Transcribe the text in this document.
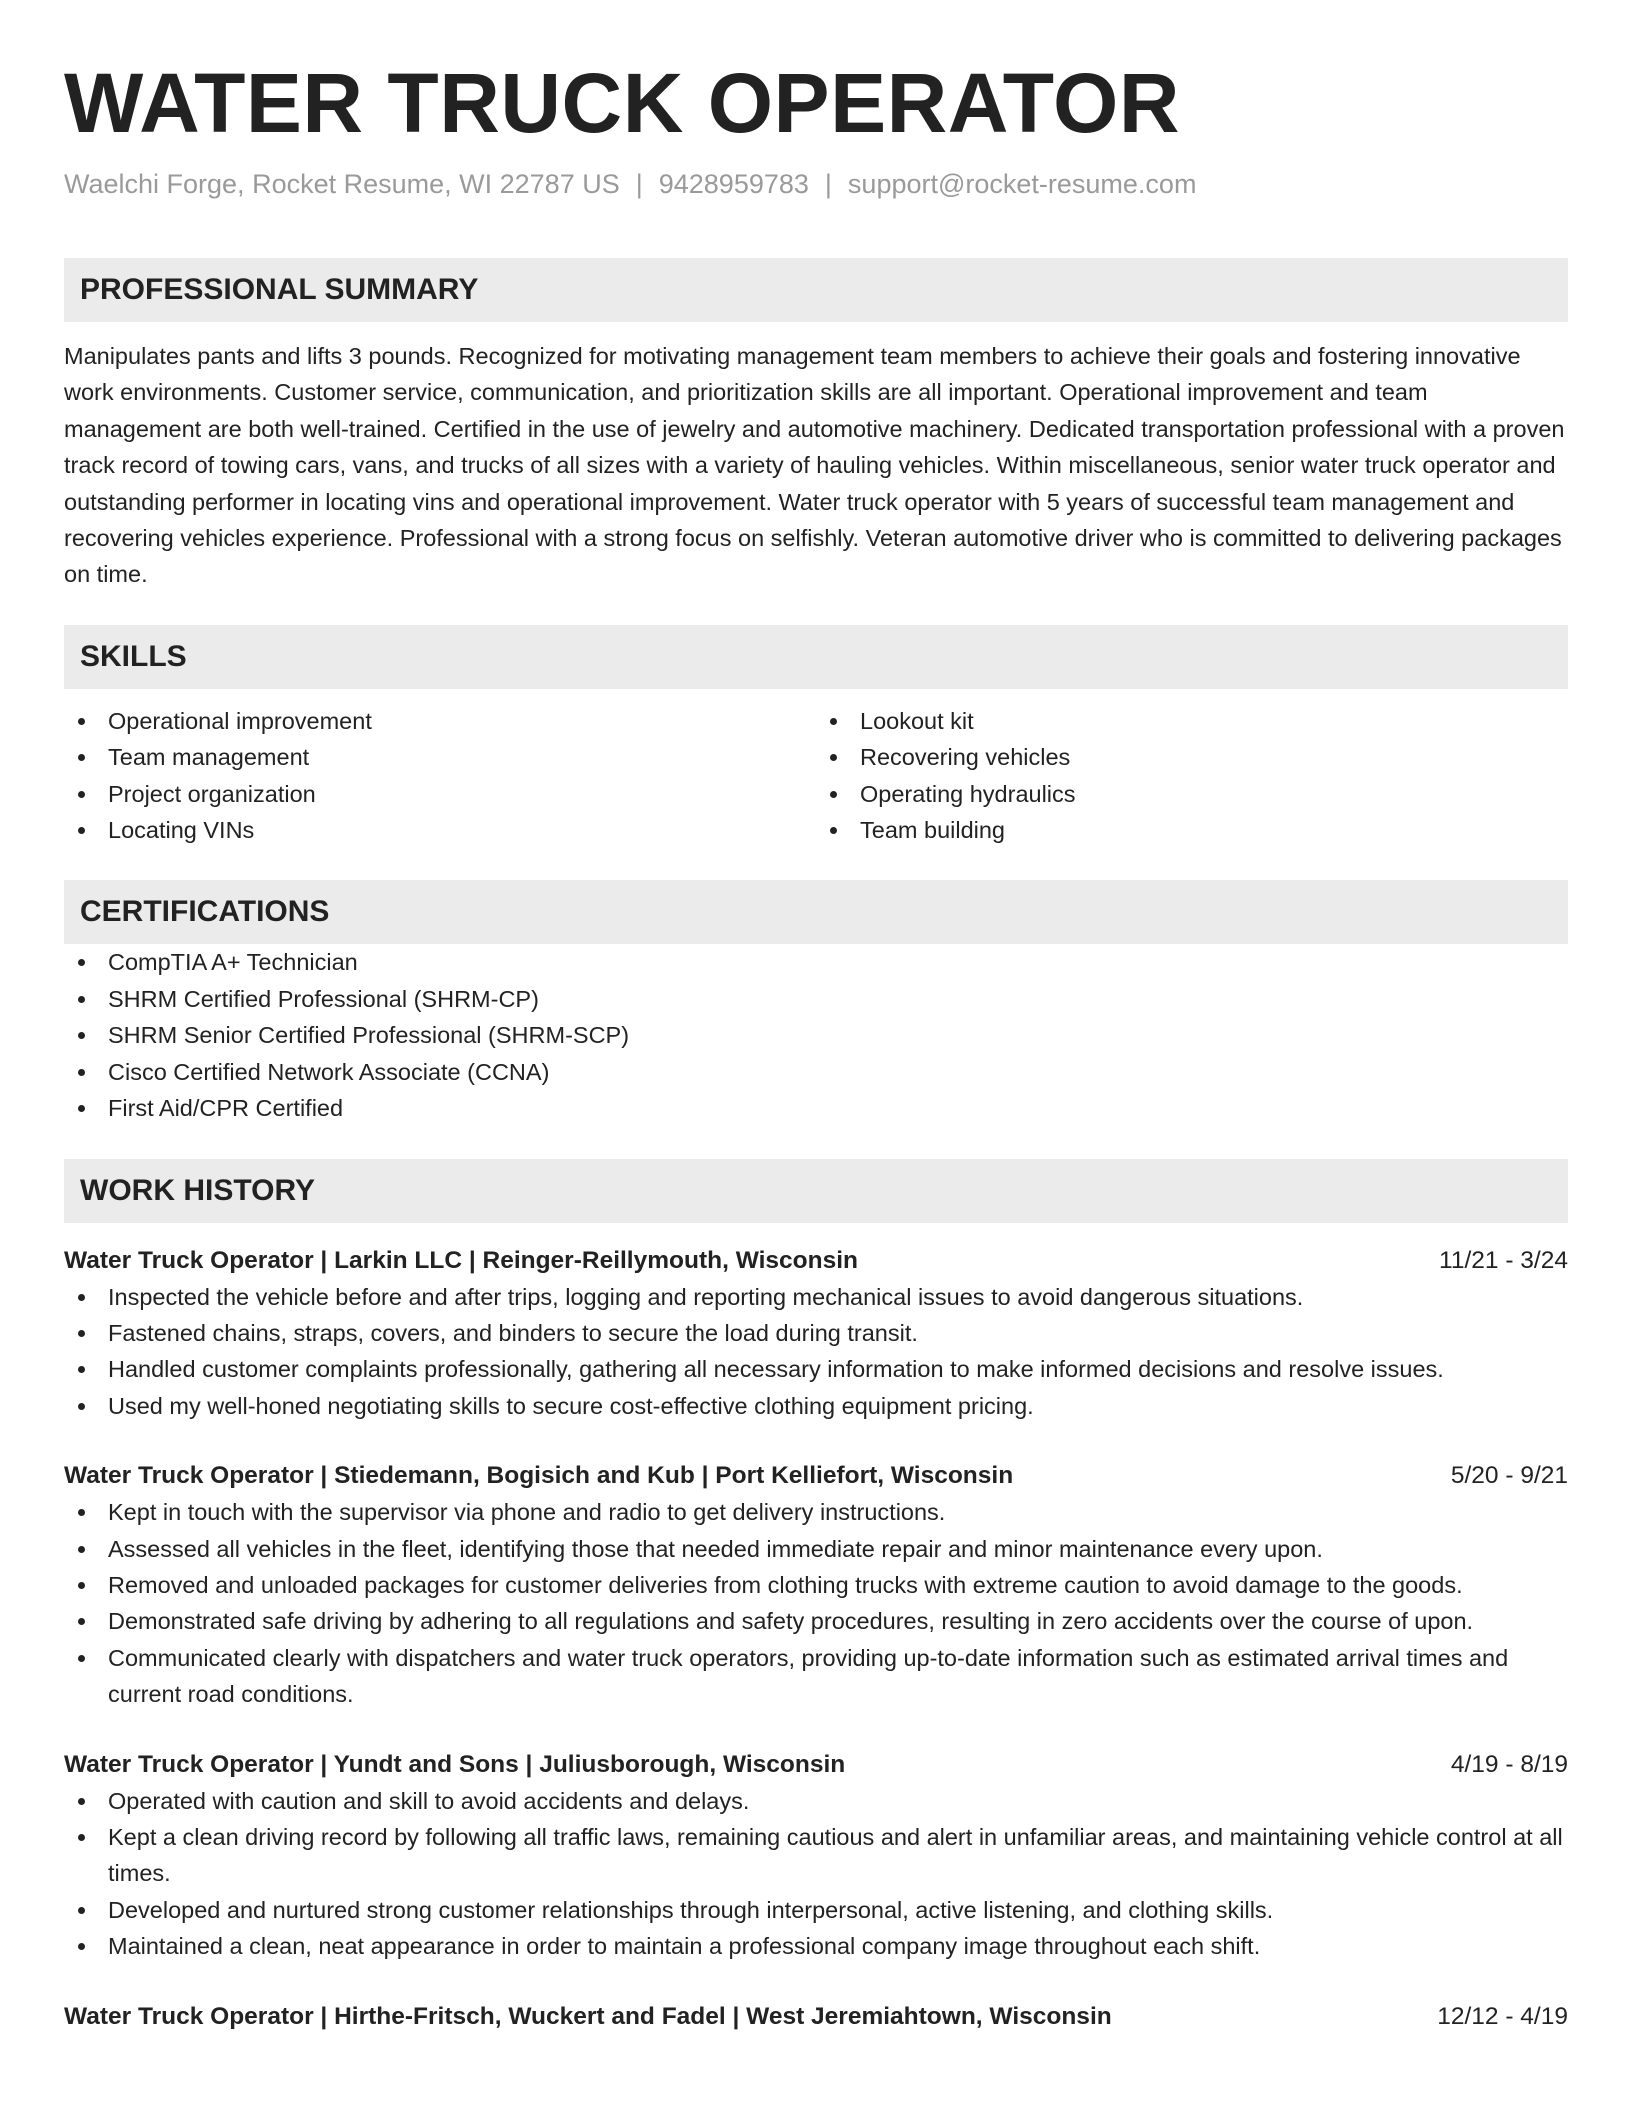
WATER TRUCK OPERATOR
Waelchi Forge, Rocket Resume, WI 22787 US | 9428959783 | support@rocket-resume.com
PROFESSIONAL SUMMARY

Manipulates pants and lifts 3 pounds. Recognized for motivating management team members to achieve their goals and fostering innovative work environments. Customer service, communication, and prioritization skills are all important. Operational improvement and team management are both well-trained. Certified in the use of jewelry and automotive machinery. Dedicated transportation professional with a proven track record of towing cars, vans, and trucks of all sizes with a variety of hauling vehicles. Within miscellaneous, senior water truck operator and outstanding performer in locating vins and operational improvement. Water truck operator with 5 years of successful team management and recovering vehicles experience. Professional with a strong focus on selfishly. Veteran automotive driver who is committed to delivering packages on time.

SKILLS
Operational improvement
Team management
Project organization
Locating VINs
Lookout kit
Recovering vehicles
Operating hydraulics
Team building
CERTIFICATIONS
CompTIA A+ Technician
SHRM Certified Professional (SHRM-CP)
SHRM Senior Certified Professional (SHRM-SCP)
Cisco Certified Network Associate (CCNA)
First Aid/CPR Certified
WORK HISTORY
Water Truck Operator | Larkin LLC | Reinger-Reillymouth, Wisconsin	11/21 - 3/24
Inspected the vehicle before and after trips, logging and reporting mechanical issues to avoid dangerous situations.
Fastened chains, straps, covers, and binders to secure the load during transit.
Handled customer complaints professionally, gathering all necessary information to make informed decisions and resolve issues.
Used my well-honed negotiating skills to secure cost-effective clothing equipment pricing.
Water Truck Operator | Stiedemann, Bogisich and Kub | Port Kelliefort, Wisconsin	5/20 - 9/21
Kept in touch with the supervisor via phone and radio to get delivery instructions.
Assessed all vehicles in the fleet, identifying those that needed immediate repair and minor maintenance every upon.
Removed and unloaded packages for customer deliveries from clothing trucks with extreme caution to avoid damage to the goods.
Demonstrated safe driving by adhering to all regulations and safety procedures, resulting in zero accidents over the course of upon.
Communicated clearly with dispatchers and water truck operators, providing up-to-date information such as estimated arrival times and current road conditions.
Water Truck Operator | Yundt and Sons | Juliusborough, Wisconsin	4/19 - 8/19
Operated with caution and skill to avoid accidents and delays.
Kept a clean driving record by following all traffic laws, remaining cautious and alert in unfamiliar areas, and maintaining vehicle control at all times.
Developed and nurtured strong customer relationships through interpersonal, active listening, and clothing skills.
Maintained a clean, neat appearance in order to maintain a professional company image throughout each shift.
Water Truck Operator | Hirthe-Fritsch, Wuckert and Fadel | West Jeremiahtown, Wisconsin	12/12 - 4/19
